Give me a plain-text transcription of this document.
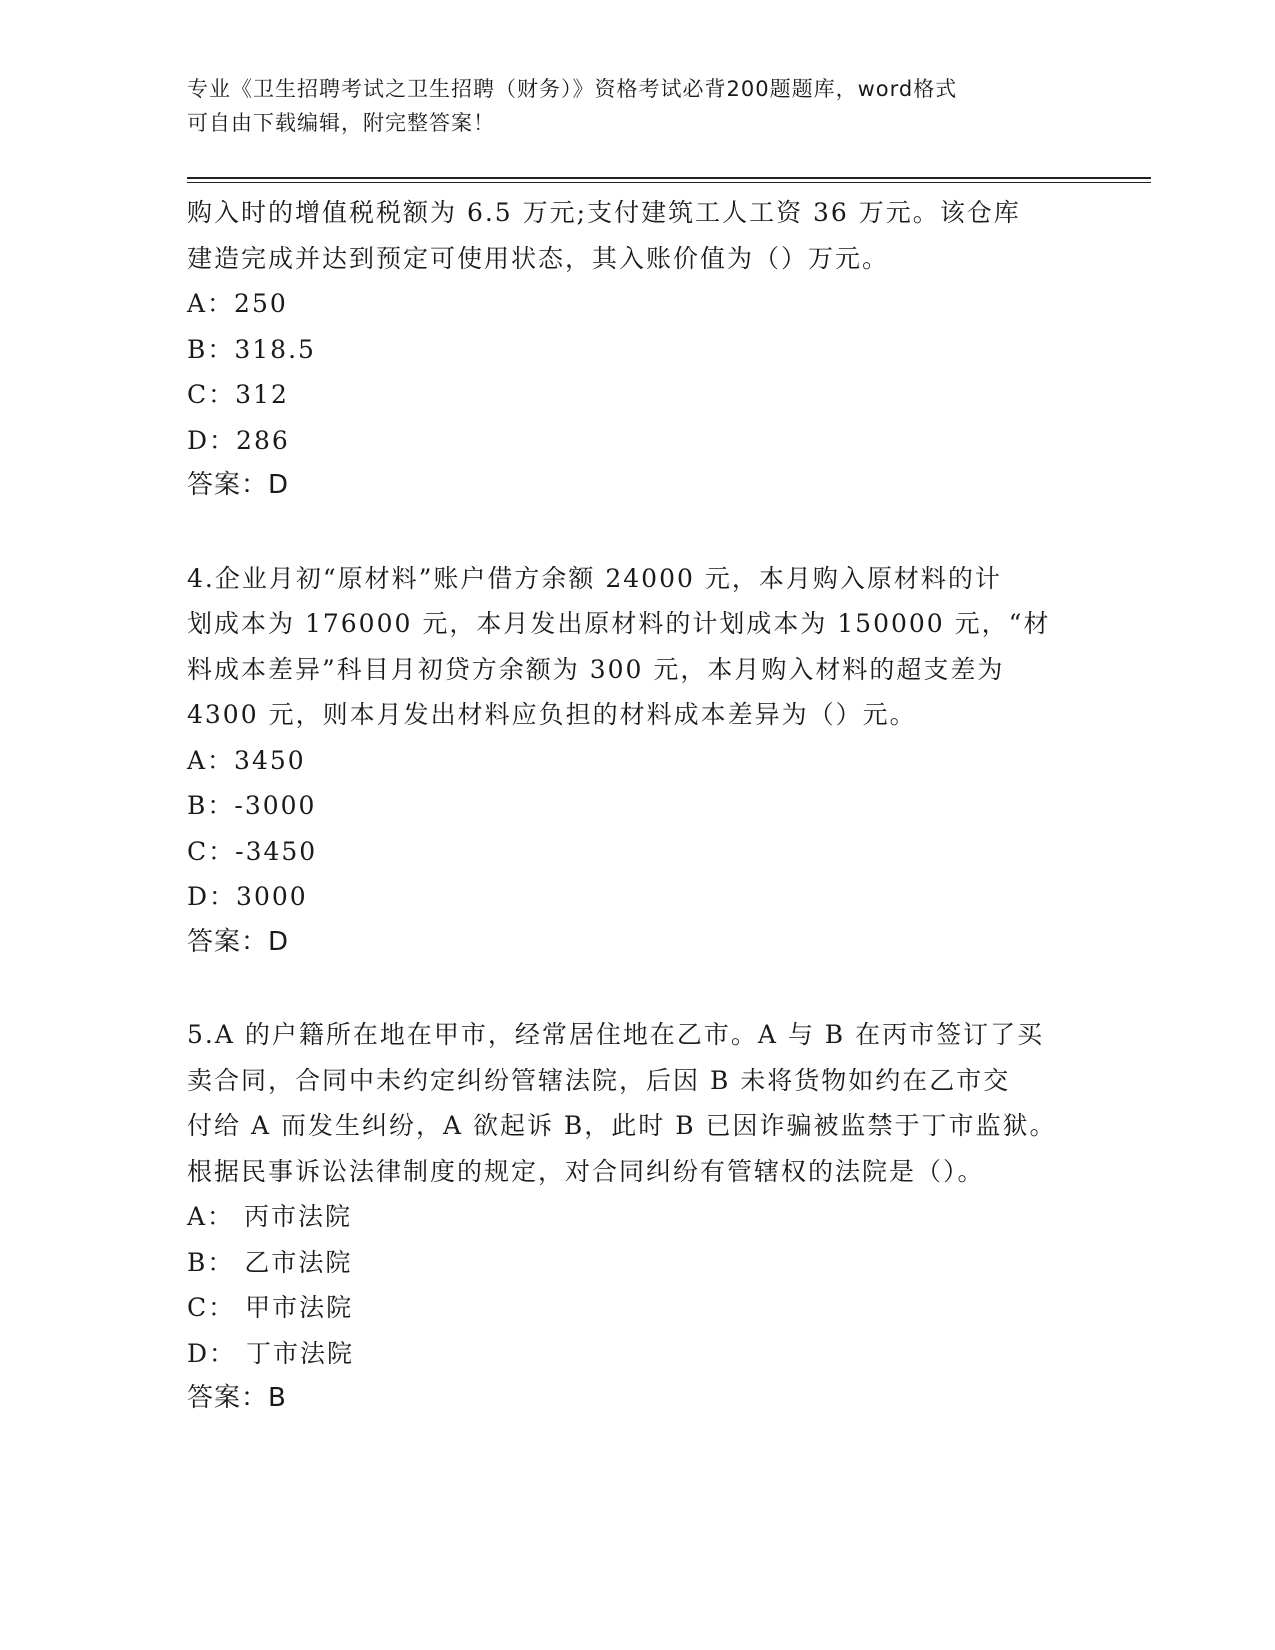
专业《卫生招聘考试之卫生招聘（财务）》资格考试必背200题题库，word格式
可自由下载编辑，附完整答案！
购入时的增值税税额为 6.5 万元;支付建筑工人工资 36 万元。该仓库
建造完成并达到预定可使用状态，其入账价值为（）万元。
A：250
B：318.5
C：312
D：286
答案：D
4.企业月初“原材料”账户借方余额 24000 元，本月购入原材料的计
划成本为 176000 元，本月发出原材料的计划成本为 150000 元，“材
料成本差异”科目月初贷方余额为 300 元，本月购入材料的超支差为
4300 元，则本月发出材料应负担的材料成本差异为（）元。
A：3450
B：-3000
C：-3450
D：3000
答案：D
5.A 的户籍所在地在甲市，经常居住地在乙市。A 与 B 在丙市签订了买
卖合同，合同中未约定纠纷管辖法院，后因 B 未将货物如约在乙市交
付给 A 而发生纠纷，A 欲起诉 B，此时 B 已因诈骗被监禁于丁市监狱。
根据民事诉讼法律制度的规定，对合同纠纷有管辖权的法院是（）。
A： 丙市法院
B： 乙市法院
C： 甲市法院
D： 丁市法院
答案：B
